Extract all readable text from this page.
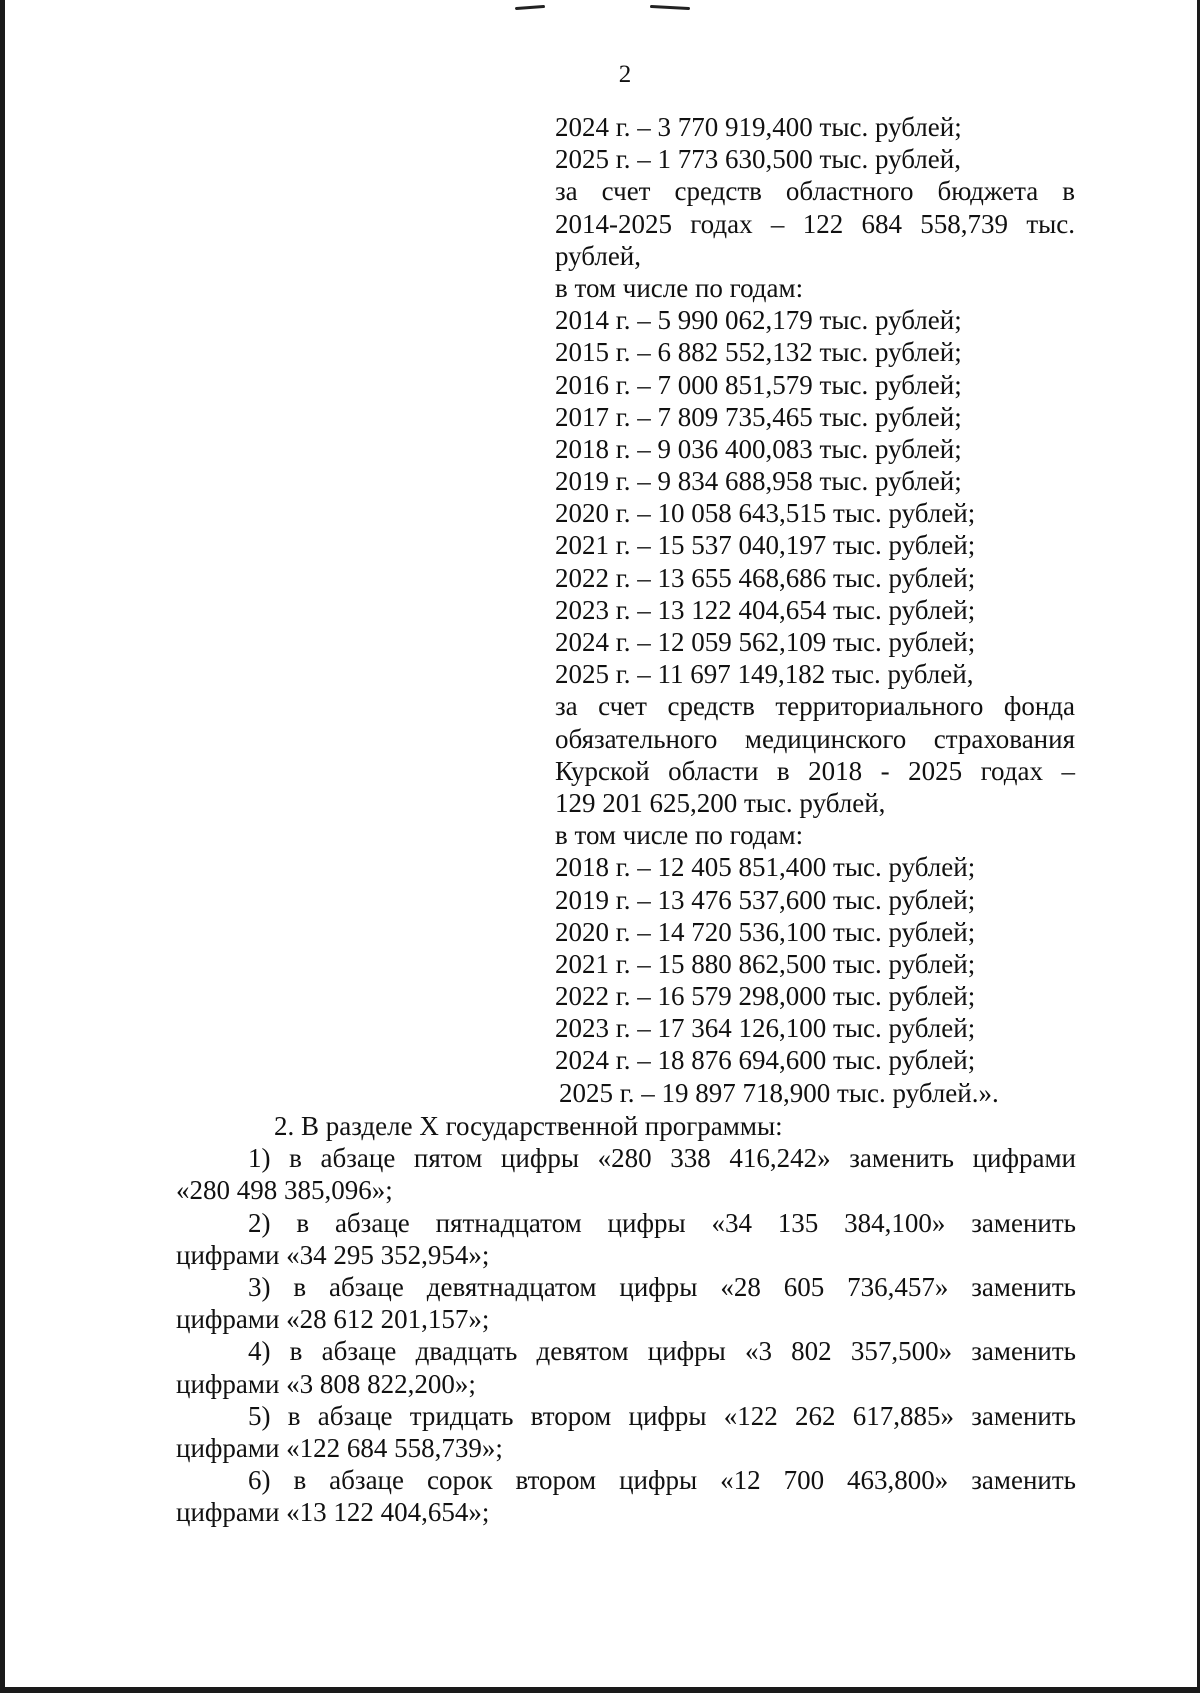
2
2024 г. – 3 770 919,400 тыс. рублей;
2025 г. – 1 773 630,500 тыс. рублей,
за счет средств областного бюджета в
2014-2025 годах – 122 684 558,739 тыс.
рублей,
в том числе по годам:
2014 г. – 5 990 062,179 тыс. рублей;
2015 г. – 6 882 552,132 тыс. рублей;
2016 г. – 7 000 851,579 тыс. рублей;
2017 г. – 7 809 735,465 тыс. рублей;
2018 г. – 9 036 400,083 тыс. рублей;
2019 г. – 9 834 688,958 тыс. рублей;
2020 г. – 10 058 643,515 тыс. рублей;
2021 г. – 15 537 040,197 тыс. рублей;
2022 г. – 13 655 468,686 тыс. рублей;
2023 г. – 13 122 404,654 тыс. рублей;
2024 г. – 12 059 562,109 тыс. рублей;
2025 г. – 11 697 149,182 тыс. рублей,
за счет средств территориального фонда
обязательного медицинского страхования
Курской области в 2018 - 2025 годах –
129 201 625,200 тыс. рублей,
в том числе по годам:
2018 г. – 12 405 851,400 тыс. рублей;
2019 г. – 13 476 537,600 тыс. рублей;
2020 г. – 14 720 536,100 тыс. рублей;
2021 г. – 15 880 862,500 тыс. рублей;
2022 г. – 16 579 298,000 тыс. рублей;
2023 г. – 17 364 126,100 тыс. рублей;
2024 г. – 18 876 694,600 тыс. рублей;
2025 г. – 19 897 718,900 тыс. рублей.».
2. В разделе X государственной программы:
1) в абзаце пятом цифры «280 338 416,242» заменить цифрами
«280 498 385,096»;
2) в абзаце пятнадцатом цифры «34 135 384,100» заменить
цифрами «34 295 352,954»;
3) в абзаце девятнадцатом цифры «28 605 736,457» заменить
цифрами «28 612 201,157»;
4) в абзаце двадцать девятом цифры «3 802 357,500» заменить
цифрами «3 808 822,200»;
5) в абзаце тридцать втором цифры «122 262 617,885» заменить
цифрами «122 684 558,739»;
6) в абзаце сорок втором цифры «12 700 463,800» заменить
цифрами «13 122 404,654»;
